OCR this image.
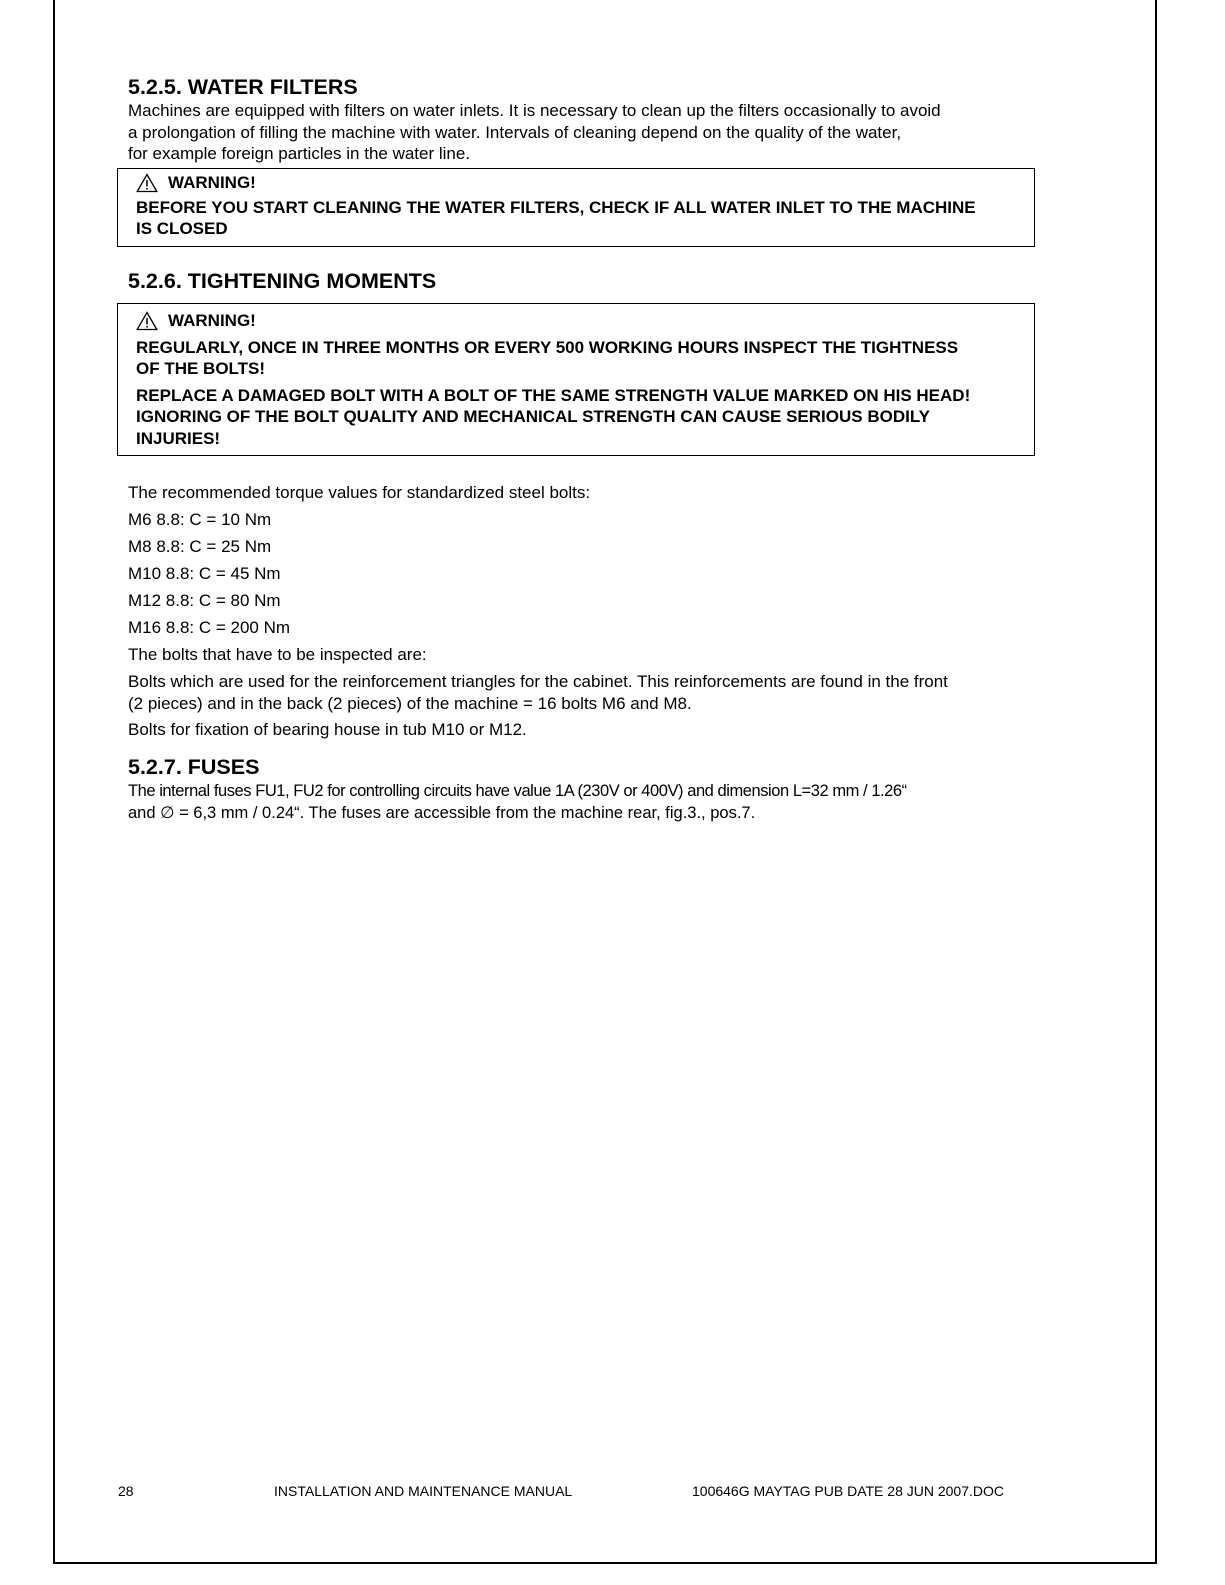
5.2.5. WATER FILTERS

Machines are equipped with filters on water inlets. It is necessary to clean up the filters occasionally to avoid

a prolongation of filling the machine with water. Intervals of cleaning depend on the quality of the water,

for example foreign particles in the water line.

WARNING!
BEFORE YOU START CLEANING THE WATER FILTERS, CHECK IF ALL WATER INLET TO THE MACHINE
IS CLOSED
5.2.6. TIGHTENING MOMENTS
WARNING!
REGULARLY, ONCE IN THREE MONTHS OR EVERY 500 WORKING HOURS INSPECT THE TIGHTNESS
OF THE BOLTS!
REPLACE A DAMAGED BOLT WITH A BOLT OF THE SAME STRENGTH VALUE MARKED ON HIS HEAD!
IGNORING OF THE BOLT QUALITY AND MECHANICAL STRENGTH CAN CAUSE SERIOUS BODILY
INJURIES!

The recommended torque values for standardized steel bolts:

M6 8.8: C = 10 Nm

M8 8.8: C = 25 Nm

M10 8.8: C = 45 Nm

M12 8.8: C = 80 Nm

M16 8.8: C = 200 Nm

The bolts that have to be inspected are:

Bolts which are used for the reinforcement triangles for the cabinet. This reinforcements are found in the front

(2 pieces) and in the back (2 pieces) of the machine = 16 bolts M6 and M8.

Bolts for fixation of bearing house in tub M10 or M12.

5.2.7. FUSES

The internal fuses FU1, FU2 for controlling circuits have value 1A (230V or 400V) and dimension L=32 mm / 1.26“

and ∅ = 6,3 mm / 0.24“. The fuses are accessible from the machine rear, fig.3., pos.7.

28	INSTALLATION AND MAINTENANCE MANUAL	100646G MAYTAG PUB DATE 28 JUN 2007.DOC
